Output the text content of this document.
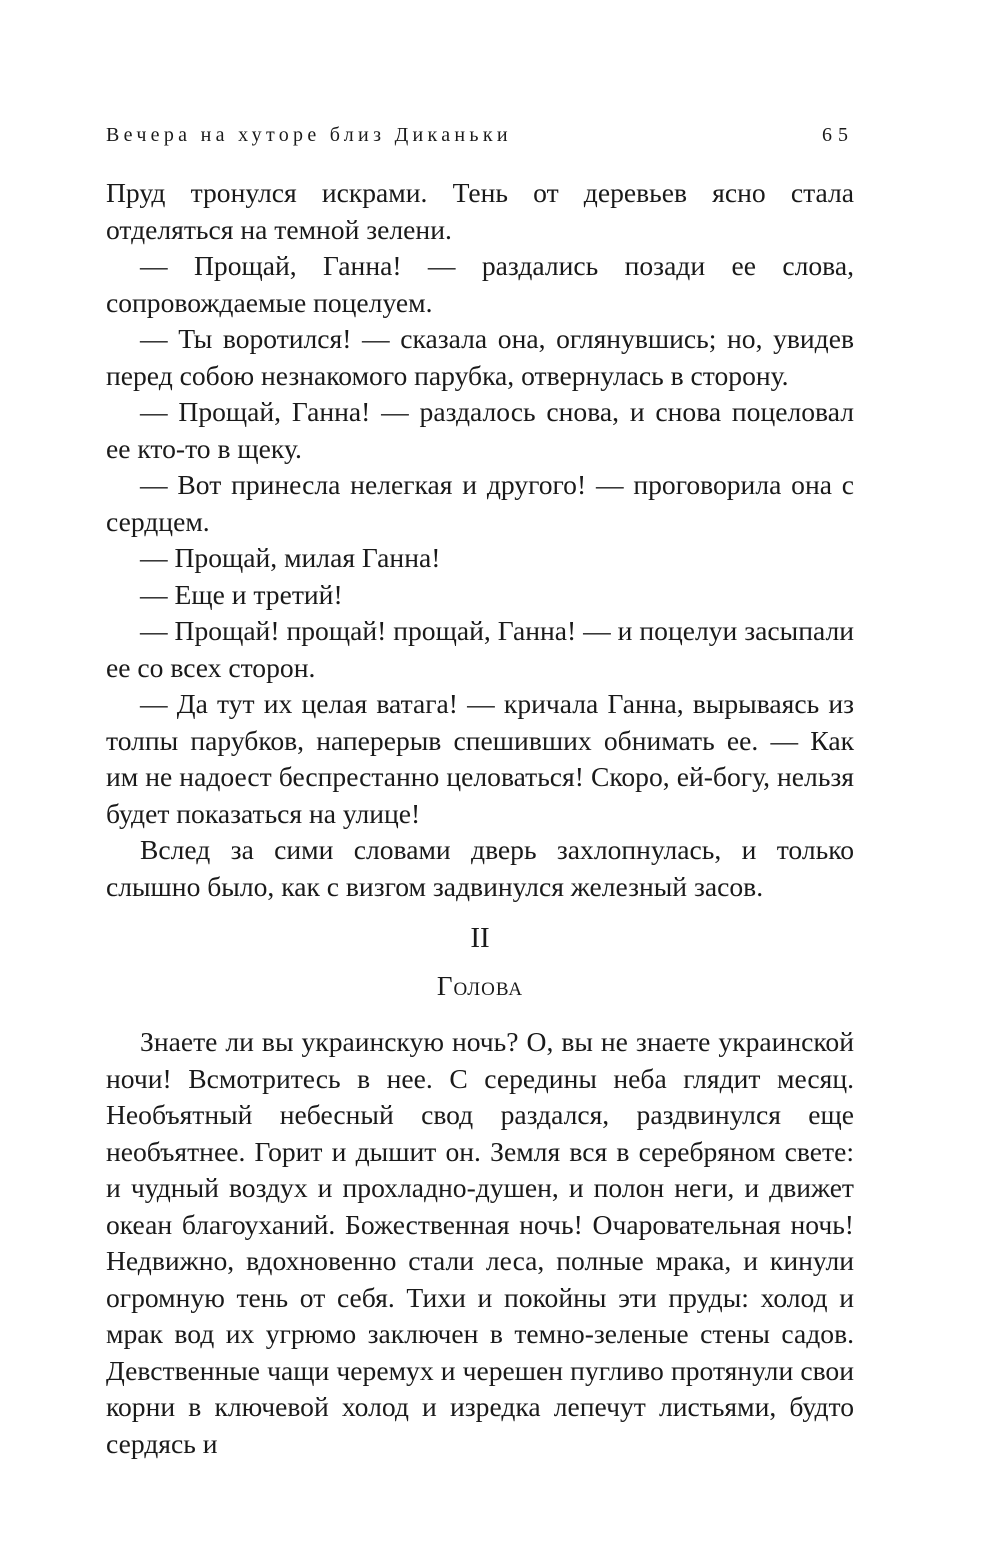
Вечера на хуторе близ Диканьки	65

Пруд тронулся искрами. Тень от деревьев ясно стала отделяться на темной зелени.

— Прощай, Ганна! — раздались позади ее слова, сопровождаемые поцелуем.

— Ты воротился! — сказала она, оглянувшись; но, увидев перед собою незнакомого парубка, отвернулась в сторону.

— Прощай, Ганна! — раздалось снова, и снова поцеловал ее кто-то в щеку.

— Вот принесла нелегкая и другого! — проговорила она с сердцем.

— Прощай, милая Ганна!

— Еще и третий!

— Прощай! прощай! прощай, Ганна! — и поцелуи засыпали ее со всех сторон.

— Да тут их целая ватага! — кричала Ганна, вырываясь из толпы парубков, наперерыв спешивших обнимать ее. — Как им не надоест беспрестанно целоваться! Скоро, ей-богу, нельзя будет показаться на улице!

Вслед за сими словами дверь захлопнулась, и только слышно было, как с визгом задвинулся железный засов.

II
Голова

Знаете ли вы украинскую ночь? О, вы не знаете украинской ночи! Всмотритесь в нее. С середины неба глядит месяц. Необъятный небесный свод раздался, раздвинулся еще необъятнее. Горит и дышит он. Земля вся в серебряном свете: и чудный воздух и прохладно-душен, и полон неги, и движет океан благоуханий. Божественная ночь! Очаровательная ночь! Недвижно, вдохновенно стали леса, полные мрака, и кинули огромную тень от себя. Тихи и покойны эти пруды: холод и мрак вод их угрюмо заключен в темно-зеленые стены садов. Девственные чащи черемух и черешен пугливо протянули свои корни в ключевой холод и изредка лепечут листьями, будто сердясь и
